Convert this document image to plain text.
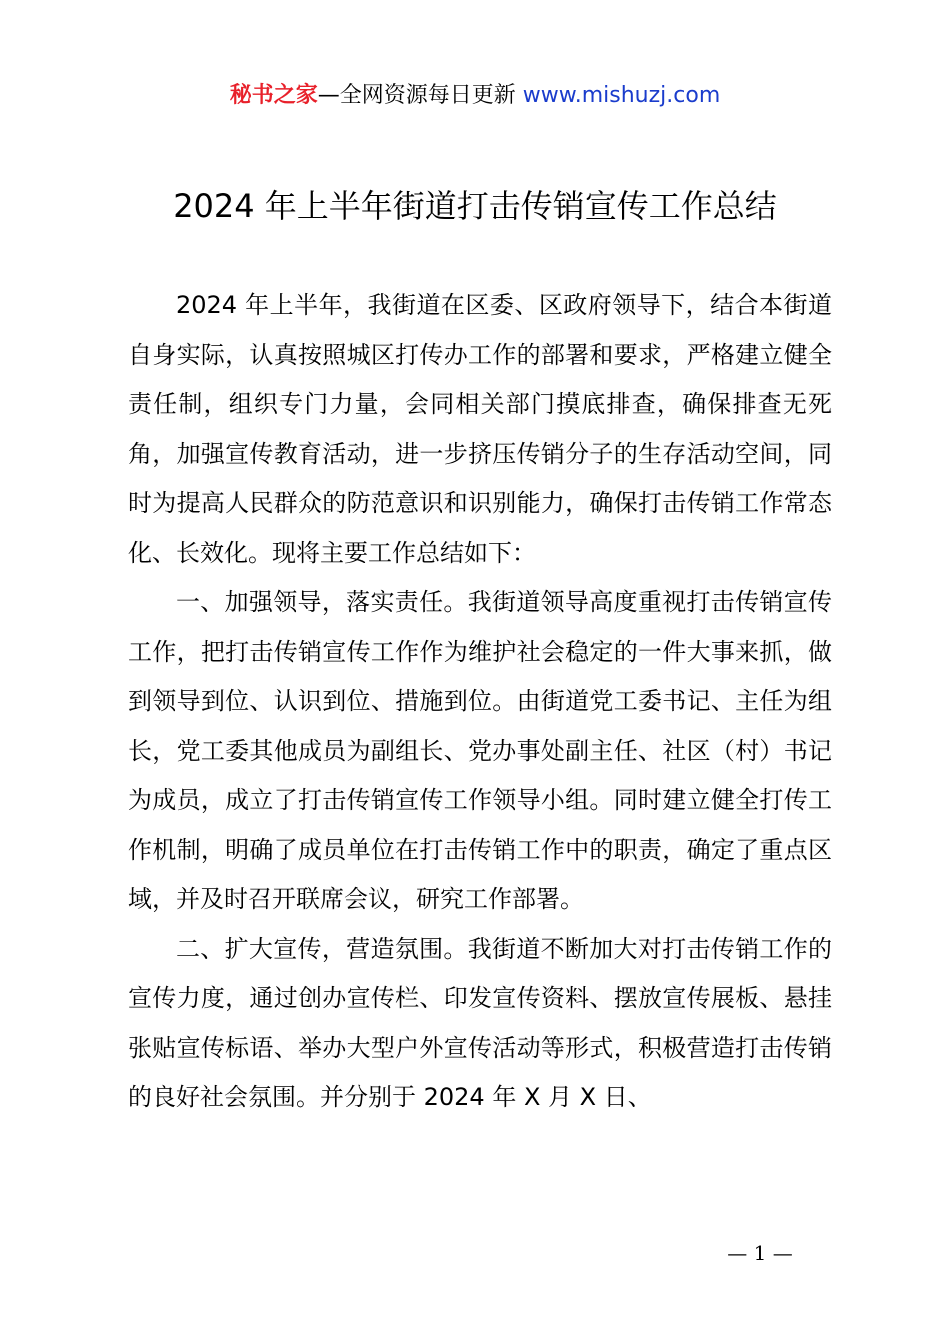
秘书之家—全网资源每日更新 www.mishuzj.com
2024 年上半年街道打击传销宣传工作总结

2024 年上半年，我街道在区委、区政府领导下，结合本街道自身实际，认真按照城区打传办工作的部署和要求，严格建立健全责任制，组织专门力量，会同相关部门摸底排查，确保排查无死角，加强宣传教育活动，进一步挤压传销分子的生存活动空间，同时为提高人民群众的防范意识和识别能力，确保打击传销工作常态化、长效化。现将主要工作总结如下：

一、加强领导，落实责任。我街道领导高度重视打击传销宣传工作，把打击传销宣传工作作为维护社会稳定的一件大事来抓，做到领导到位、认识到位、措施到位。由街道党工委书记、主任为组长，党工委其他成员为副组长、党办事处副主任、社区（村）书记为成员，成立了打击传销宣传工作领导小组。同时建立健全打传工作机制，明确了成员单位在打击传销工作中的职责，确定了重点区域，并及时召开联席会议，研究工作部署。

二、扩大宣传，营造氛围。我街道不断加大对打击传销工作的宣传力度，通过创办宣传栏、印发宣传资料、摆放宣传展板、悬挂张贴宣传标语、举办大型户外宣传活动等形式，积极营造打击传销的良好社会氛围。并分别于 2024 年 X 月 X 日、

— 1 —
